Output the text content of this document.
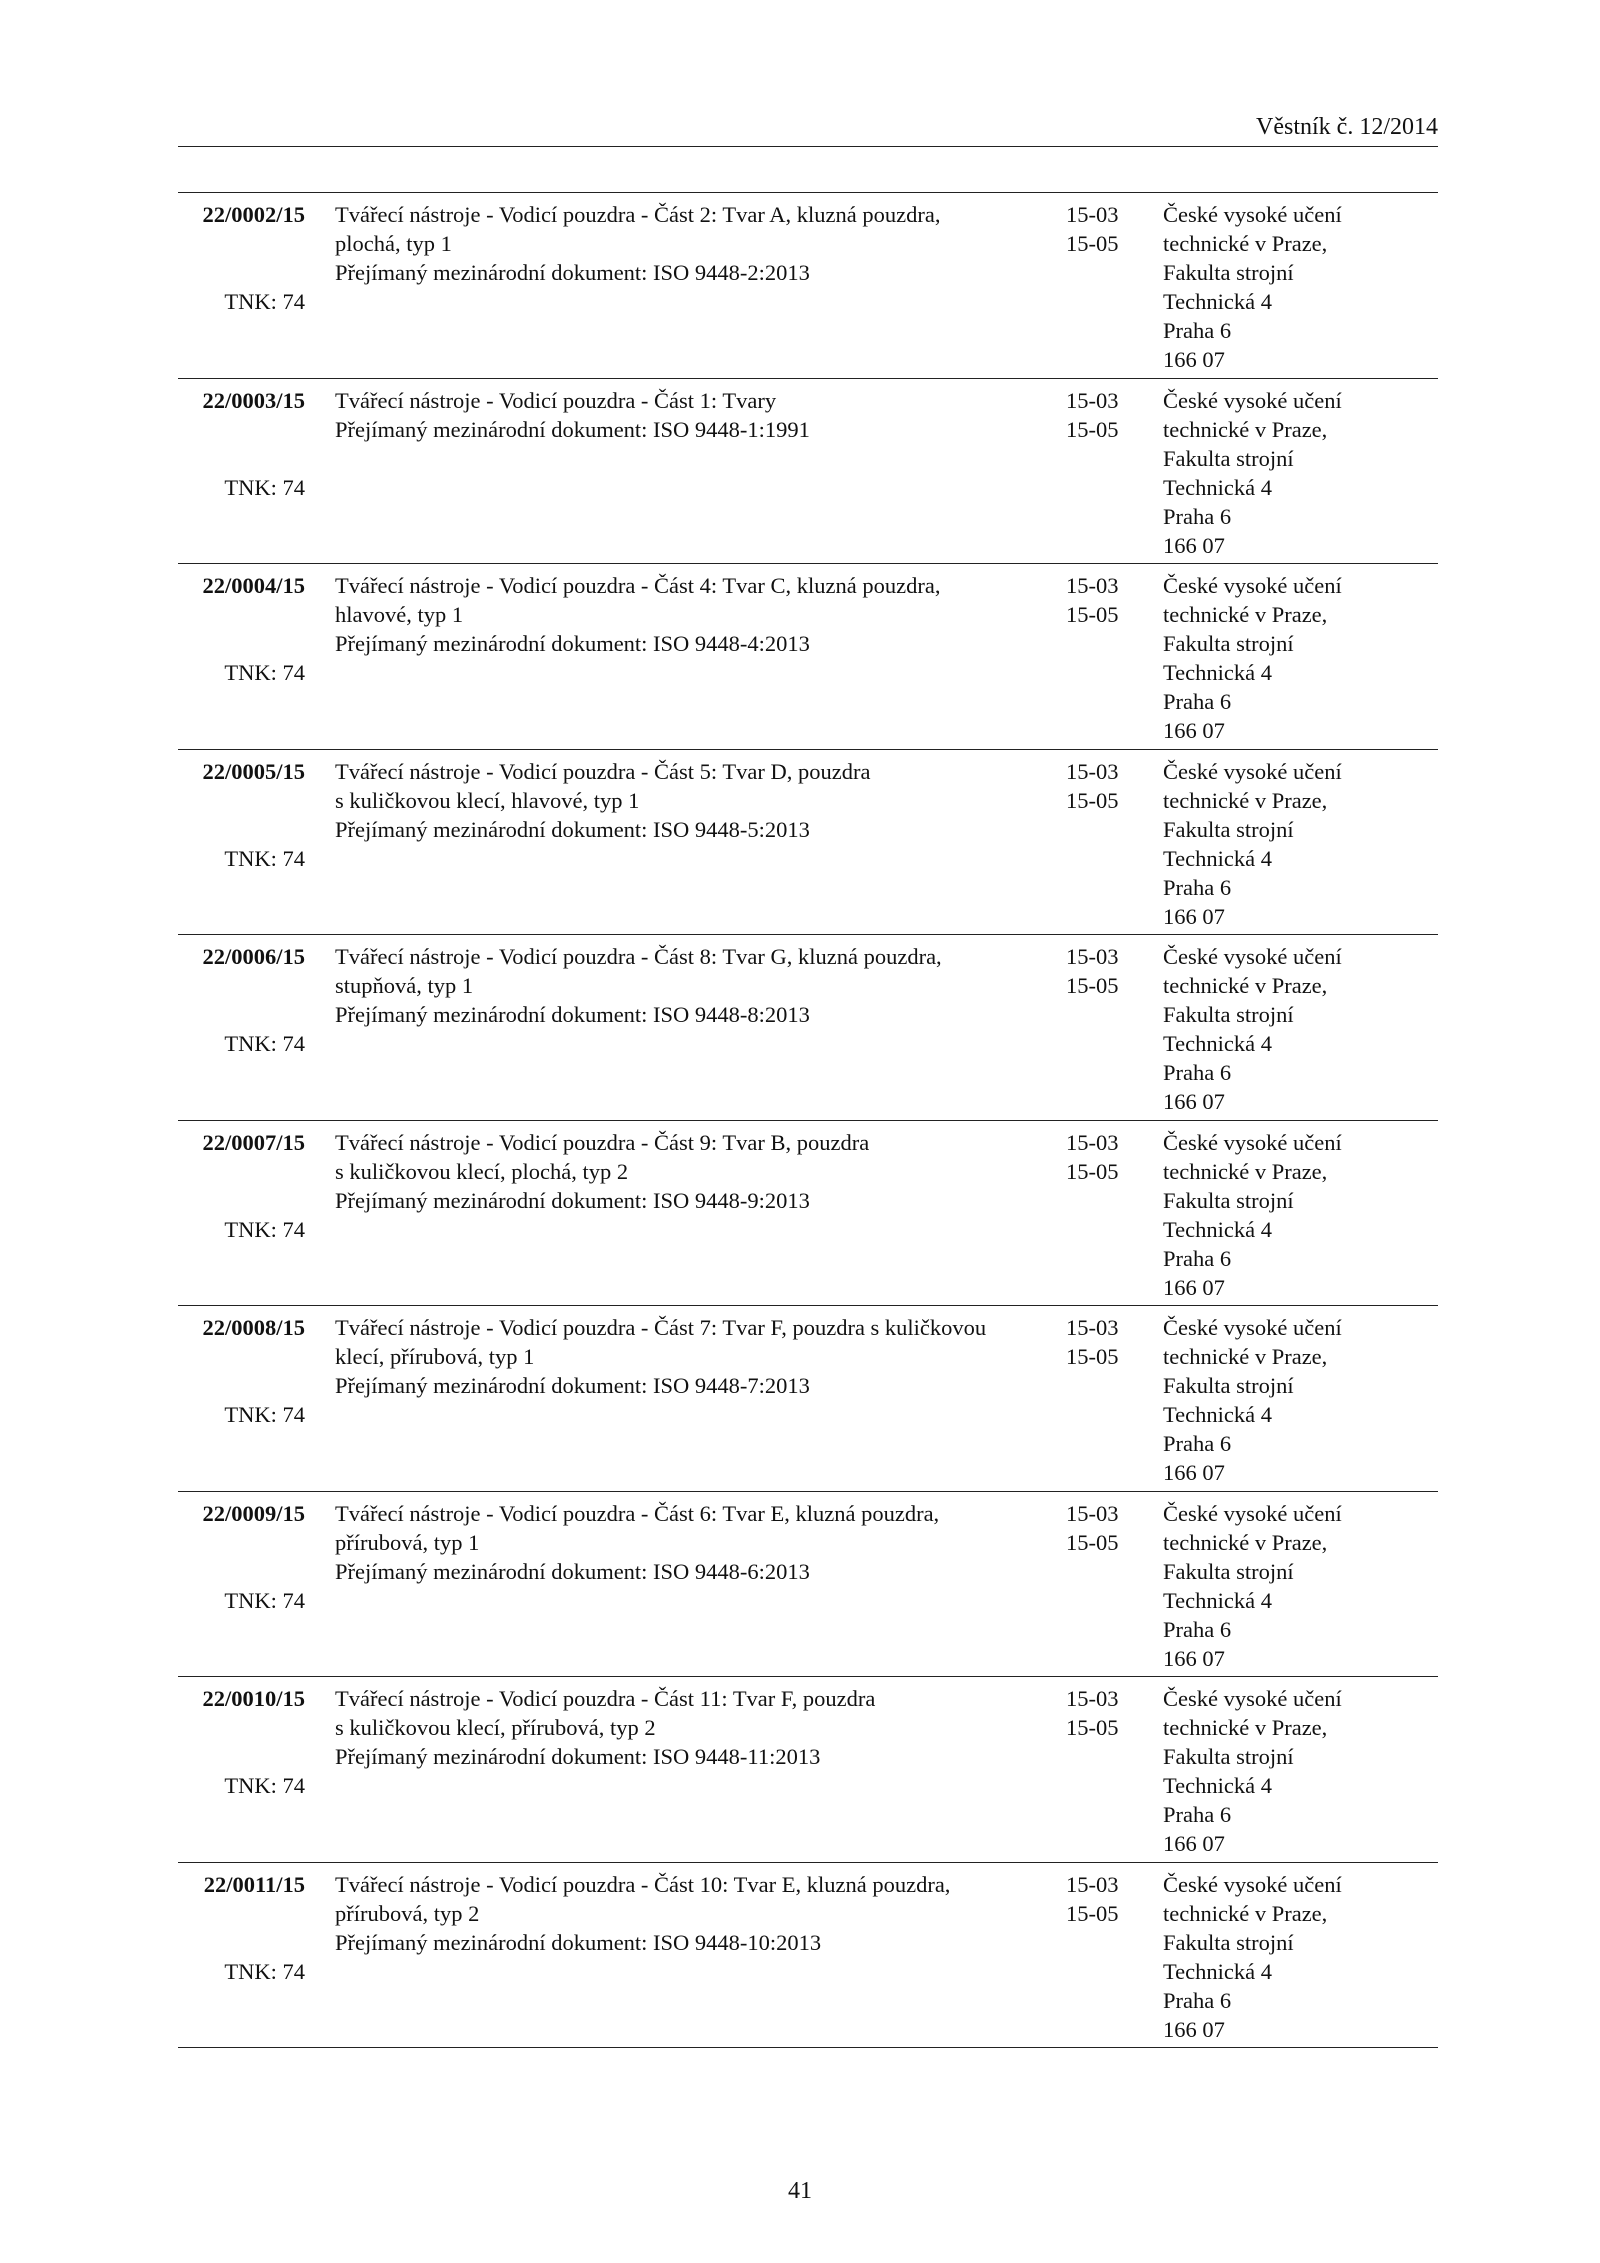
Věstník č. 12/2014
22/0002/15
TNK: 74
Tvářecí nástroje - Vodicí pouzdra - Část 2: Tvar A, kluzná pouzdra,
plochá, typ 1
Přejímaný mezinárodní dokument: ISO 9448-2:2013
15-03
15-05
České vysoké učení
technické v Praze,
Fakulta strojní
Technická 4
Praha 6
166 07
22/0003/15
TNK: 74
Tvářecí nástroje - Vodicí pouzdra - Část 1: Tvary
Přejímaný mezinárodní dokument: ISO 9448-1:1991
15-03
15-05
České vysoké učení
technické v Praze,
Fakulta strojní
Technická 4
Praha 6
166 07
22/0004/15
TNK: 74
Tvářecí nástroje - Vodicí pouzdra - Část 4: Tvar C, kluzná pouzdra,
hlavové, typ 1
Přejímaný mezinárodní dokument: ISO 9448-4:2013
15-03
15-05
České vysoké učení
technické v Praze,
Fakulta strojní
Technická 4
Praha 6
166 07
22/0005/15
TNK: 74
Tvářecí nástroje - Vodicí pouzdra - Část 5: Tvar D, pouzdra
s kuličkovou klecí, hlavové, typ 1
Přejímaný mezinárodní dokument: ISO 9448-5:2013
15-03
15-05
České vysoké učení
technické v Praze,
Fakulta strojní
Technická 4
Praha 6
166 07
22/0006/15
TNK: 74
Tvářecí nástroje - Vodicí pouzdra - Část 8: Tvar G, kluzná pouzdra,
stupňová, typ 1
Přejímaný mezinárodní dokument: ISO 9448-8:2013
15-03
15-05
České vysoké učení
technické v Praze,
Fakulta strojní
Technická 4
Praha 6
166 07
22/0007/15
TNK: 74
Tvářecí nástroje - Vodicí pouzdra - Část 9: Tvar B, pouzdra
s kuličkovou klecí, plochá, typ 2
Přejímaný mezinárodní dokument: ISO 9448-9:2013
15-03
15-05
České vysoké učení
technické v Praze,
Fakulta strojní
Technická 4
Praha 6
166 07
22/0008/15
TNK: 74
Tvářecí nástroje - Vodicí pouzdra - Část 7: Tvar F, pouzdra s kuličkovou
klecí, přírubová, typ 1
Přejímaný mezinárodní dokument: ISO 9448-7:2013
15-03
15-05
České vysoké učení
technické v Praze,
Fakulta strojní
Technická 4
Praha 6
166 07
22/0009/15
TNK: 74
Tvářecí nástroje - Vodicí pouzdra - Část 6: Tvar E, kluzná pouzdra,
přírubová, typ 1
Přejímaný mezinárodní dokument: ISO 9448-6:2013
15-03
15-05
České vysoké učení
technické v Praze,
Fakulta strojní
Technická 4
Praha 6
166 07
22/0010/15
TNK: 74
Tvářecí nástroje - Vodicí pouzdra - Část 11: Tvar F, pouzdra
s kuličkovou klecí, přírubová, typ 2
Přejímaný mezinárodní dokument: ISO 9448-11:2013
15-03
15-05
České vysoké učení
technické v Praze,
Fakulta strojní
Technická 4
Praha 6
166 07
22/0011/15
TNK: 74
Tvářecí nástroje - Vodicí pouzdra - Část 10: Tvar E, kluzná pouzdra,
přírubová, typ 2
Přejímaný mezinárodní dokument: ISO 9448-10:2013
15-03
15-05
České vysoké učení
technické v Praze,
Fakulta strojní
Technická 4
Praha 6
166 07
41
